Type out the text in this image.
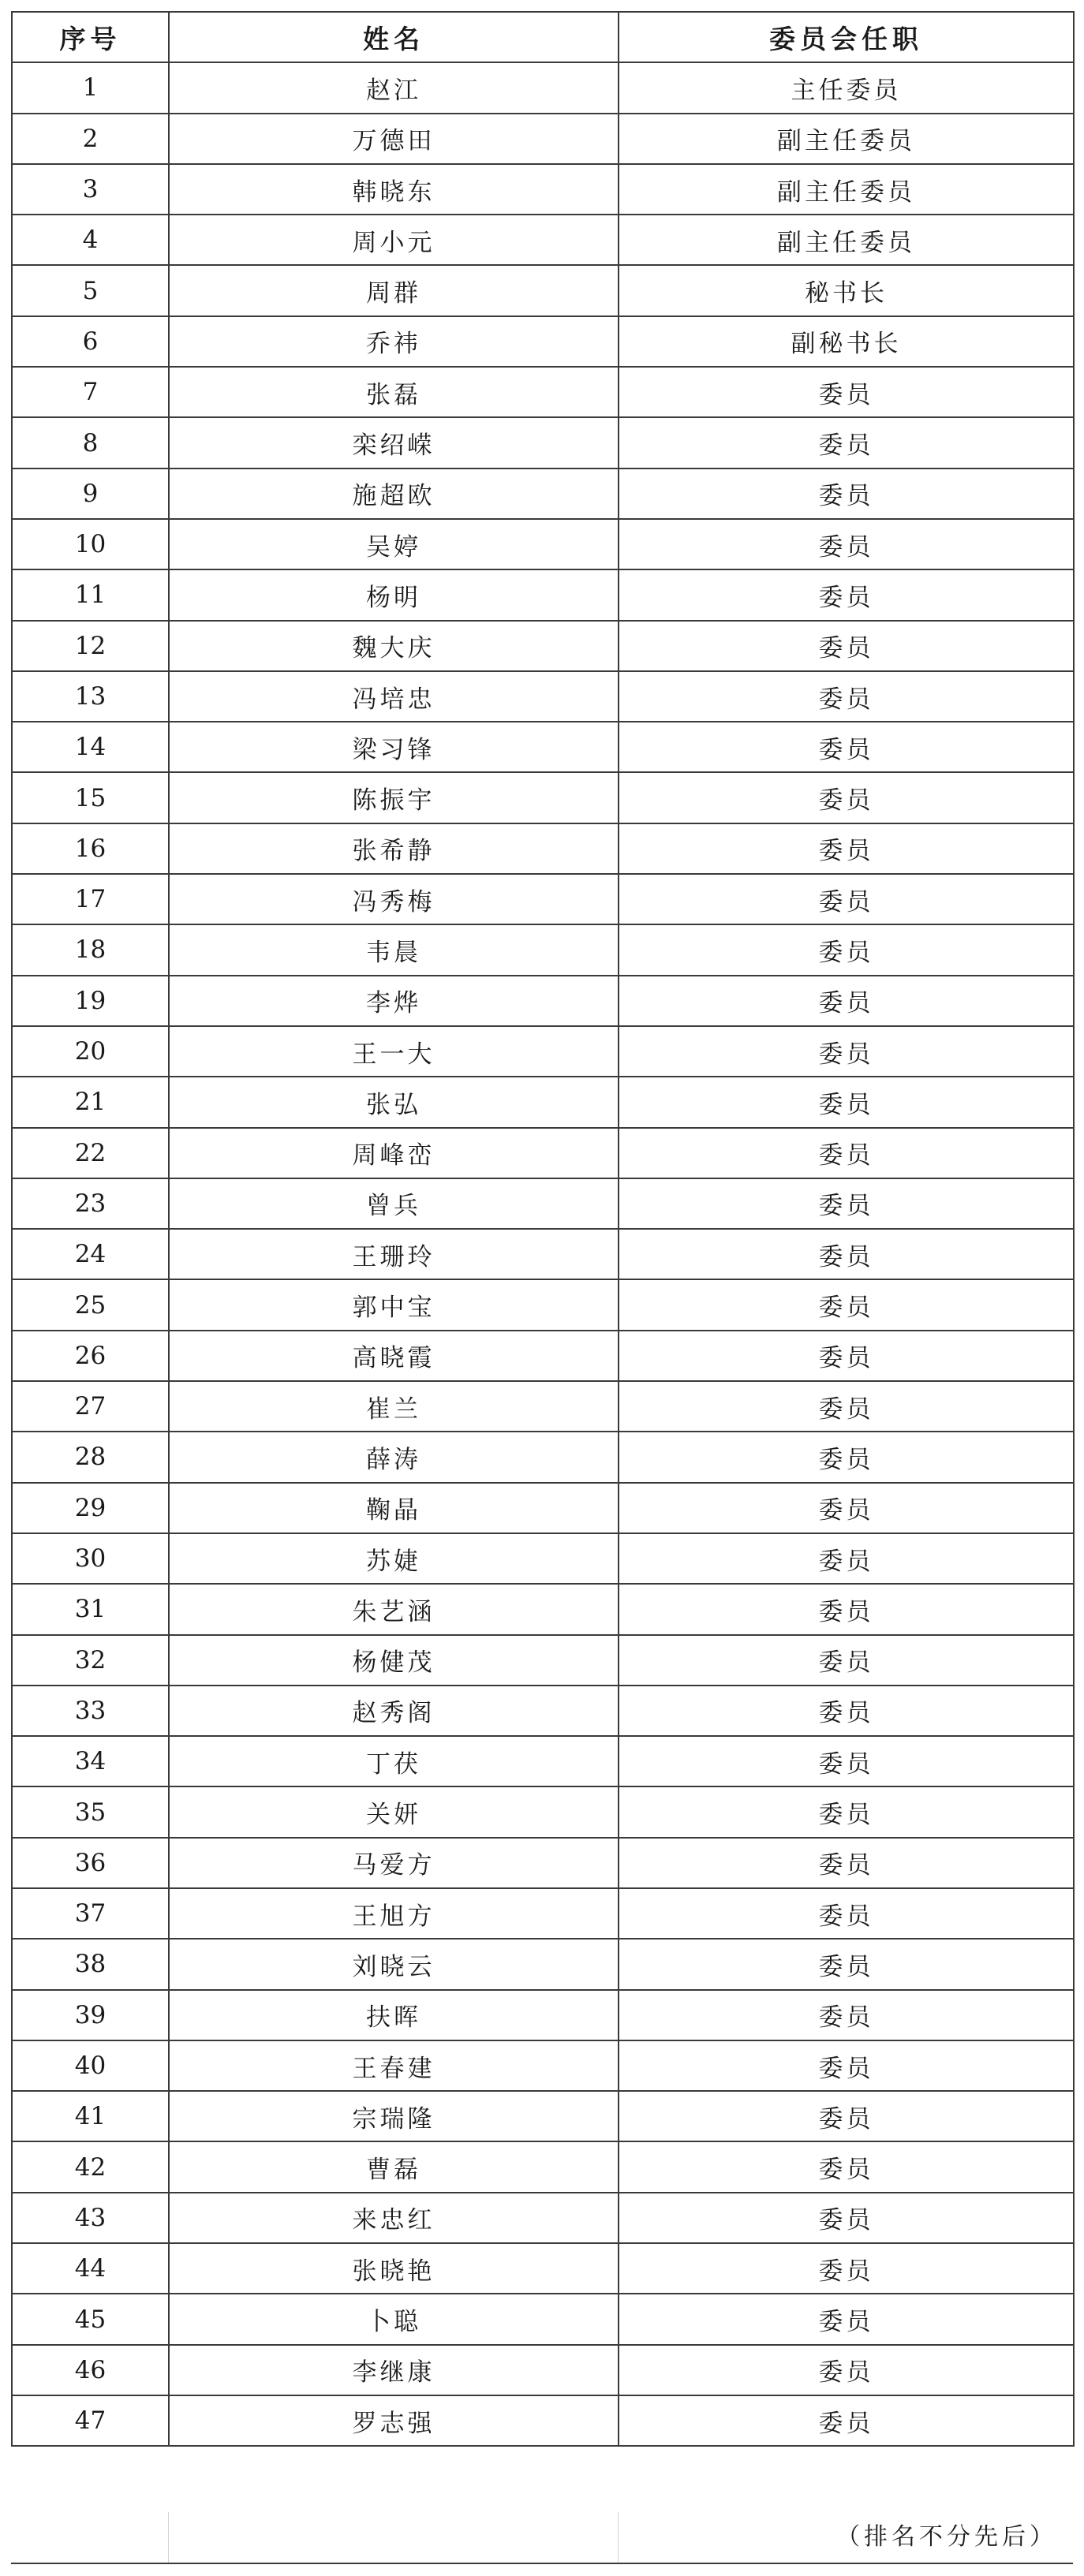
序号	姓名	委员会任职
1	赵江	主任委员
2	万德田	副主任委员
3	韩晓东	副主任委员
4	周小元	副主任委员
5	周群	秘书长
6	乔祎	副秘书长
7	张磊	委员
8	栾绍嵘	委员
9	施超欧	委员
10	吴婷	委员
11	杨明	委员
12	魏大庆	委员
13	冯培忠	委员
14	梁习锋	委员
15	陈振宇	委员
16	张希静	委员
17	冯秀梅	委员
18	韦晨	委员
19	李烨	委员
20	王一大	委员
21	张弘	委员
22	周峰峦	委员
23	曾兵	委员
24	王珊玲	委员
25	郭中宝	委员
26	高晓霞	委员
27	崔兰	委员
28	薛涛	委员
29	鞠晶	委员
30	苏婕	委员
31	朱艺涵	委员
32	杨健茂	委员
33	赵秀阁	委员
34	丁茯	委员
35	关妍	委员
36	马爱方	委员
37	王旭方	委员
38	刘晓云	委员
39	扶晖	委员
40	王春建	委员
41	宗瑞隆	委员
42	曹磊	委员
43	来忠红	委员
44	张晓艳	委员
45	卜聪	委员
46	李继康	委员
47	罗志强	委员
（排名不分先后）
